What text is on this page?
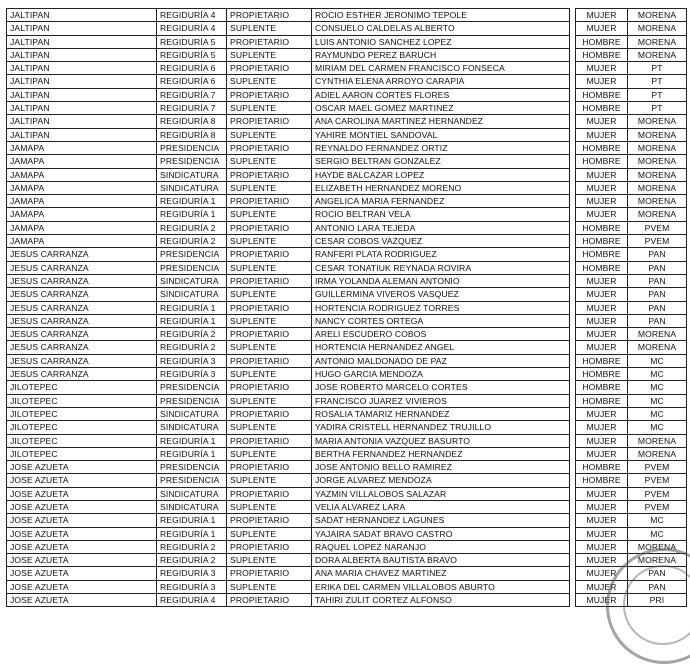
JALTIPAN	REGIDURÍA 4	PROPIETARIO	ROCIO ESTHER JERONIMO TEPOLE		MUJER	MORENA
JALTIPAN	REGIDURÍA 4	SUPLENTE	CONSUELO CALDELAS ALBERTO		MUJER	MORENA
JALTIPAN	REGIDURÍA 5	PROPIETARIO	LUIS ANTONIO SANCHEZ LOPEZ		HOMBRE	MORENA
JALTIPAN	REGIDURÍA 5	SUPLENTE	RAYMUNDO PEREZ BARUCH		HOMBRE	MORENA
JALTIPAN	REGIDURÍA 6	PROPIETARIO	MIRIAM DEL CARMEN FRANCISCO FONSECA		MUJER	PT
JALTIPAN	REGIDURÍA 6	SUPLENTE	CYNTHIA ELENA ARROYO CARAPIA		MUJER	PT
JALTIPAN	REGIDURÍA 7	PROPIETARIO	ADIEL AARON CORTES FLORES		HOMBRE	PT
JALTIPAN	REGIDURÍA 7	SUPLENTE	OSCAR MAEL GOMEZ MARTINEZ		HOMBRE	PT
JALTIPAN	REGIDURÍA 8	PROPIETARIO	ANA CAROLINA MARTINEZ HERNANDEZ		MUJER	MORENA
JALTIPAN	REGIDURÍA 8	SUPLENTE	YAHIRE MONTIEL SANDOVAL		MUJER	MORENA
JAMAPA	PRESIDENCIA	PROPIETARIO	REYNALDO FERNANDEZ ORTIZ		HOMBRE	MORENA
JAMAPA	PRESIDENCIA	SUPLENTE	SERGIO BELTRAN GONZALEZ		HOMBRE	MORENA
JAMAPA	SINDICATURA	PROPIETARIO	HAYDE BALCAZAR LOPEZ		MUJER	MORENA
JAMAPA	SINDICATURA	SUPLENTE	ELIZABETH HERNANDEZ MORENO		MUJER	MORENA
JAMAPA	REGIDURÍA 1	PROPIETARIO	ANGELICA MARIA FERNANDEZ		MUJER	MORENA
JAMAPA	REGIDURÍA 1	SUPLENTE	ROCIO BELTRAN VELA		MUJER	MORENA
JAMAPA	REGIDURÍA 2	PROPIETARIO	ANTONIO LARA TEJEDA		HOMBRE	PVEM
JAMAPA	REGIDURÍA 2	SUPLENTE	CESAR COBOS VAZQUEZ		HOMBRE	PVEM
JESUS CARRANZA	PRESIDENCIA	PROPIETARIO	RANFERI PLATA RODRIGUEZ		HOMBRE	PAN
JESUS CARRANZA	PRESIDENCIA	SUPLENTE	CESAR TONATIUK REYNADA ROVIRA		HOMBRE	PAN
JESUS CARRANZA	SINDICATURA	PROPIETARIO	IRMA YOLANDA ALEMAN ANTONIO		MUJER	PAN
JESUS CARRANZA	SINDICATURA	SUPLENTE	GUILLERMINA VIVEROS VASQUEZ		MUJER	PAN
JESUS CARRANZA	REGIDURÍA 1	PROPIETARIO	HORTENCIA RODRIGUEZ TORRES		MUJER	PAN
JESUS CARRANZA	REGIDURÍA 1	SUPLENTE	NANCY CORTES ORTEGA		MUJER	PAN
JESUS CARRANZA	REGIDURÍA 2	PROPIETARIO	ARELI ESCUDERO COBOS		MUJER	MORENA
JESUS CARRANZA	REGIDURÍA 2	SUPLENTE	HORTENCIA HERNANDEZ ANGEL		MUJER	MORENA
JESUS CARRANZA	REGIDURÍA 3	PROPIETARIO	ANTONIO MALDONADO DE PAZ		HOMBRE	MC
JESUS CARRANZA	REGIDURÍA 3	SUPLENTE	HUGO GARCIA MENDOZA		HOMBRE	MC
JILOTEPEC	PRESIDENCIA	PROPIETARIO	JOSE ROBERTO MARCELO CORTES		HOMBRE	MC
JILOTEPEC	PRESIDENCIA	SUPLENTE	FRANCISCO JUAREZ VIVIEROS		HOMBRE	MC
JILOTEPEC	SINDICATURA	PROPIETARIO	ROSALIA TAMARIZ HERNANDEZ		MUJER	MC
JILOTEPEC	SINDICATURA	SUPLENTE	YADIRA CRISTELL HERNANDEZ TRUJILLO		MUJER	MC
JILOTEPEC	REGIDURÍA 1	PROPIETARIO	MARIA ANTONIA VAZQUEZ BASURTO		MUJER	MORENA
JILOTEPEC	REGIDURÍA 1	SUPLENTE	BERTHA FERNANDEZ HERNANDEZ		MUJER	MORENA
JOSE AZUETA	PRESIDENCIA	PROPIETARIO	JOSE ANTONIO BELLO RAMIREZ		HOMBRE	PVEM
JOSE AZUETA	PRESIDENCIA	SUPLENTE	JORGE ALVAREZ MENDOZA		HOMBRE	PVEM
JOSE AZUETA	SINDICATURA	PROPIETARIO	YAZMIN VILLALOBOS SALAZAR		MUJER	PVEM
JOSE AZUETA	SINDICATURA	SUPLENTE	VELIA ALVAREZ LARA		MUJER	PVEM
JOSE AZUETA	REGIDURÍA 1	PROPIETARIO	SADAT HERNANDEZ LAGUNES		MUJER	MC
JOSE AZUETA	REGIDURÍA 1	SUPLENTE	YAJAIRA SADAT BRAVO CASTRO		MUJER	MC
JOSE AZUETA	REGIDURÍA 2	PROPIETARIO	RAQUEL LOPEZ NARANJO		MUJER	MORENA
JOSE AZUETA	REGIDURÍA 2	SUPLENTE	DORA ALBERTA BAUTISTA BRAVO		MUJER	MORENA
JOSE AZUETA	REGIDURÍA 3	PROPIETARIO	ANA MARIA CHAVEZ MARTINEZ		MUJER	PAN
JOSE AZUETA	REGIDURÍA 3	SUPLENTE	ERIKA DEL CARMEN VILLALOBOS ABURTO		MUJER	PAN
JOSE AZUETA	REGIDURÍA 4	PROPIETARIO	TAHIRI ZULIT CORTEZ ALFONSO		MUJER	PRI
